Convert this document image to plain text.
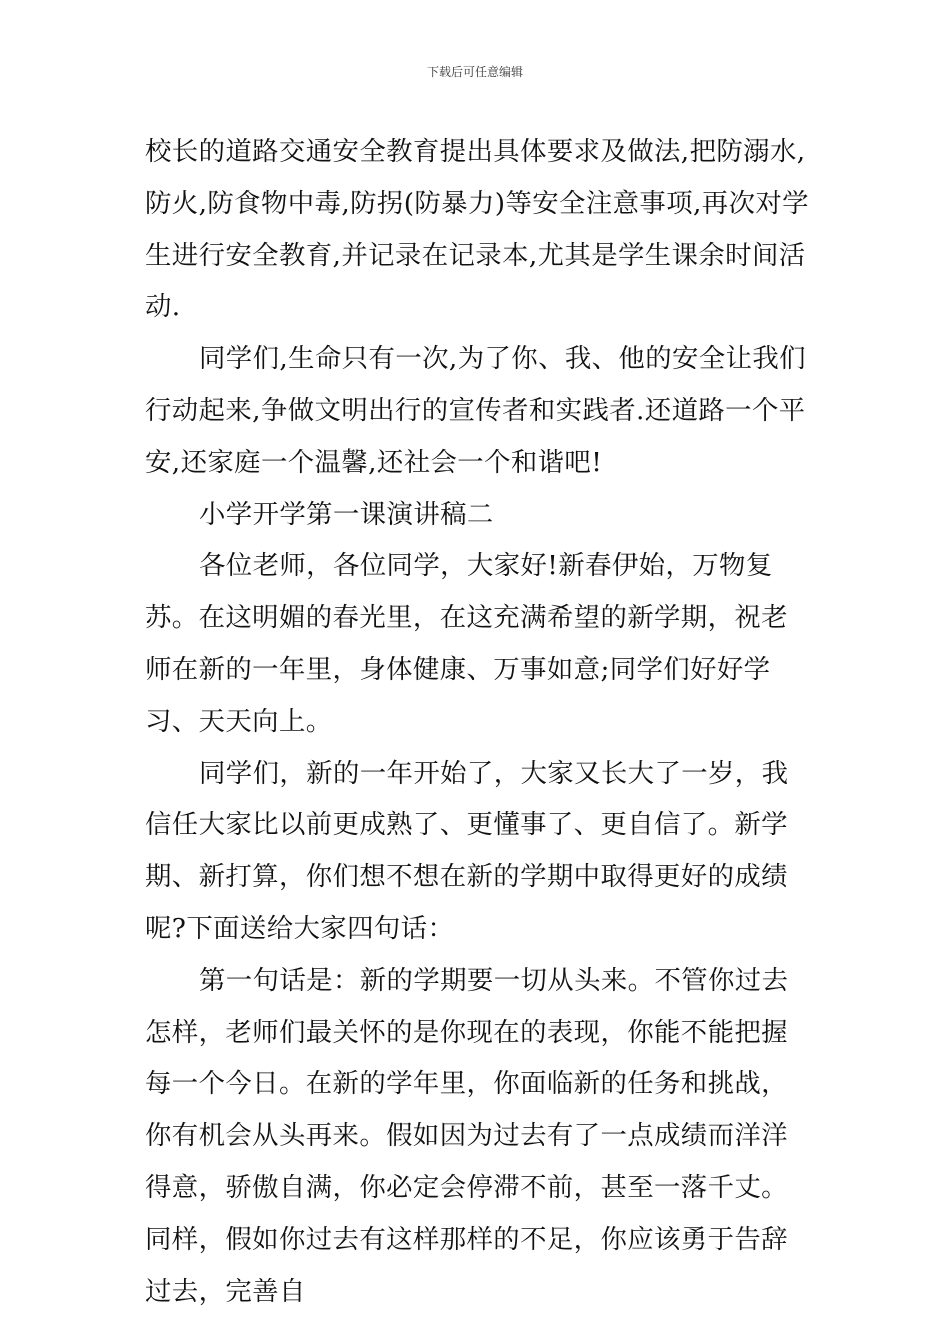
下载后可任意编辑

校长的道路交通安全教育提出具体要求及做法,把防溺水,防火,防食物中毒,防拐(防暴力)等安全注意事项,再次对学生进行安全教育,并记录在记录本,尤其是学生课余时间活动.

同学们,生命只有一次,为了你、我、他的安全让我们行动起来,争做文明出行的宣传者和实践者.还道路一个平安,还家庭一个温馨,还社会一个和谐吧!

小学开学第一课演讲稿二

各位老师，各位同学，大家好!新春伊始，万物复苏。在这明媚的春光里，在这充满希望的新学期，祝老师在新的一年里，身体健康、万事如意;同学们好好学习、天天向上。

同学们，新的一年开始了，大家又长大了一岁，我信任大家比以前更成熟了、更懂事了、更自信了。新学期、新打算，你们想不想在新的学期中取得更好的成绩呢?下面送给大家四句话：

第一句话是：新的学期要一切从头来。不管你过去怎样，老师们最关怀的是你现在的表现，你能不能把握每一个今日。在新的学年里，你面临新的任务和挑战，你有机会从头再来。假如因为过去有了一点成绩而洋洋得意，骄傲自满，你必定会停滞不前，甚至一落千丈。同样，假如你过去有这样那样的不足，你应该勇于告辞过去，完善自
